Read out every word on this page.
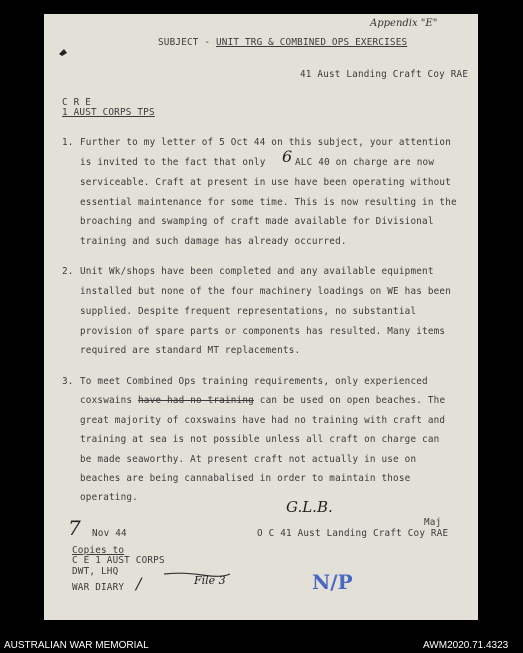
Appendix "E"
SUBJECT - UNIT TRG & COMBINED OPS EXERCISES
41 Aust Landing Craft Coy RAE
C R E
1 AUST CORPS TPS
1. Further to my letter of 5 Oct 44 on this subject, your attention
is invited to the fact that only 6 ALC 40 on charge are now
serviceable. Craft at present in use have been operating without
essential maintenance for some time. This is now resulting in the
broaching and swamping of craft made available for Divisional
training and such damage has already occurred.
2. Unit Wk/shops have been completed and any available equipment
installed but none of the four machinery loadings on WE has been
supplied. Despite frequent representations, no substantial
provision of spare parts or components has resulted. Many items
required are standard MT replacements.
3. To meet Combined Ops training requirements, only experienced
coxswains have had no training can be used on open beaches. The
great majority of coxswains have had no training with craft and
training at sea is not possible unless all craft on charge can
be made seaworthy. At present craft not actually in use on
beaches are being cannabalised in order to maintain those
operating.
G.L.B.
Maj
O C 41 Aust Landing Craft Coy RAE
7 Nov 44
Copies to
C E 1 AUST CORPS
DWT, LHQ
WAR DIARY /	File 3	N/P
AUSTRALIAN WAR MEMORIAL	AWM2020.71.4323
